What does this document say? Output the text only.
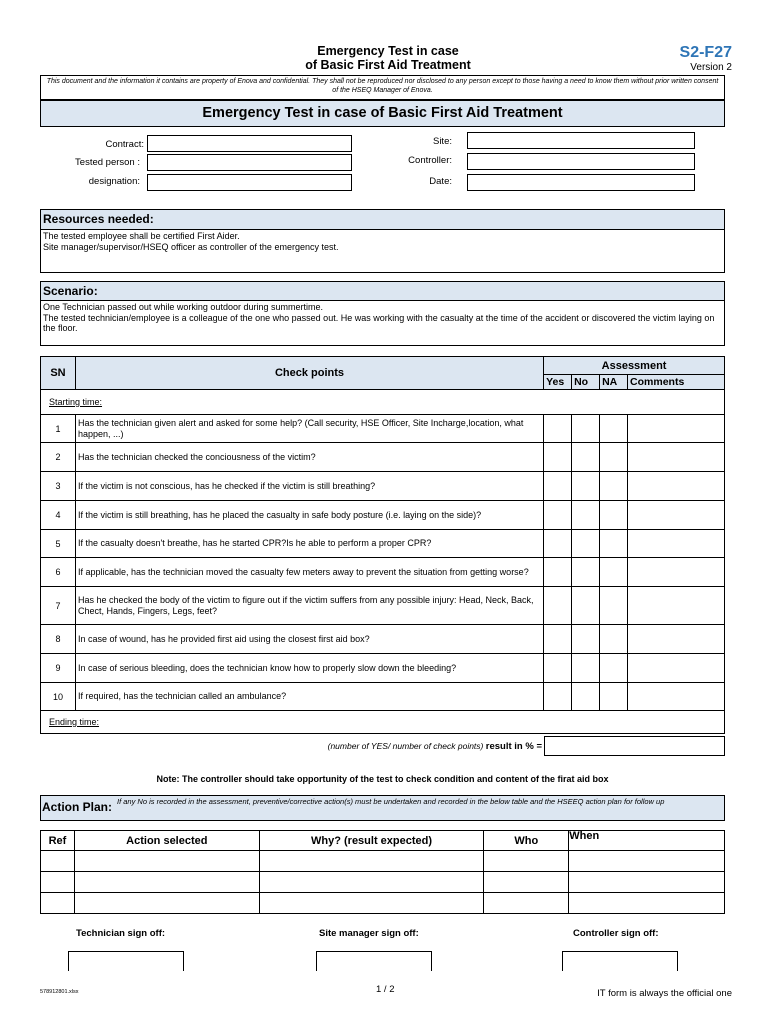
Emergency Test in case
of Basic First Aid Treatment
S2-F27
Version 2
This document and the information it contains are property of Enova and confidential. They shall not be reproduced nor disclosed to any person except to those having a need to know them without prior written consent of the HSEQ Manager of Enova.
Emergency Test in case of Basic First Aid Treatment
Contract:
Tested person :
designation:
Site:
Controller:
Date:
Resources needed:
The tested employee shall be certified First Aider.
Site manager/supervisor/HSEQ officer as controller of the emergency test.
Scenario:
One Technician passed out while working outdoor during summertime.
The tested technician/employee is a colleague of the one who passed out. He was working with the casualty at the time of the accident or discovered the victim laying on the floor.
SN	Check points	Assessment			
		Yes	No	NA	Comments
Starting time:					
1	Has the technician given alert and asked for some help? (Call security, HSE Officer, Site Incharge,location, what happen, ...)				
2	Has the technician checked the conciousness of the victim?				
3	If the victim is not conscious, has he checked if the victim is still breathing?				
4	If the victim is still breathing, has he placed the casualty in safe body posture (i.e. laying on the side)?				
5	If the casualty doesn't breathe, has he started CPR?Is he able to perform a proper CPR?				
6	If applicable, has the technician moved the casualty few meters away to prevent the situation from getting worse?				
7	Has he checked the body of the victim to figure out if the victim suffers from any possible injury: Head, Neck, Back, Chect, Hands, Fingers, Legs, feet?				
8	In case of wound, has he provided first aid using the closest first aid box?				
9	In case of serious bleeding, does the technician know how to properly slow down the bleeding?				
10	If required, has the technician called an ambulance?				
Ending time:					
(number of YES/ number of check points) result in % =
Note: The controller should take opportunity of the test to check condition and content of the firat aid box
Action Plan: If any No is recorded in the assessment, preventive/corrective action(s) must be undertaken and recorded in the below table and the HSEEQ action plan for follow up
Ref	Action selected	Why? (result expected)	Who	When

Technician sign off:	Site manager sign off:	Controller sign off:
578912801.xlsx	1 / 2	IT form is always the official one
